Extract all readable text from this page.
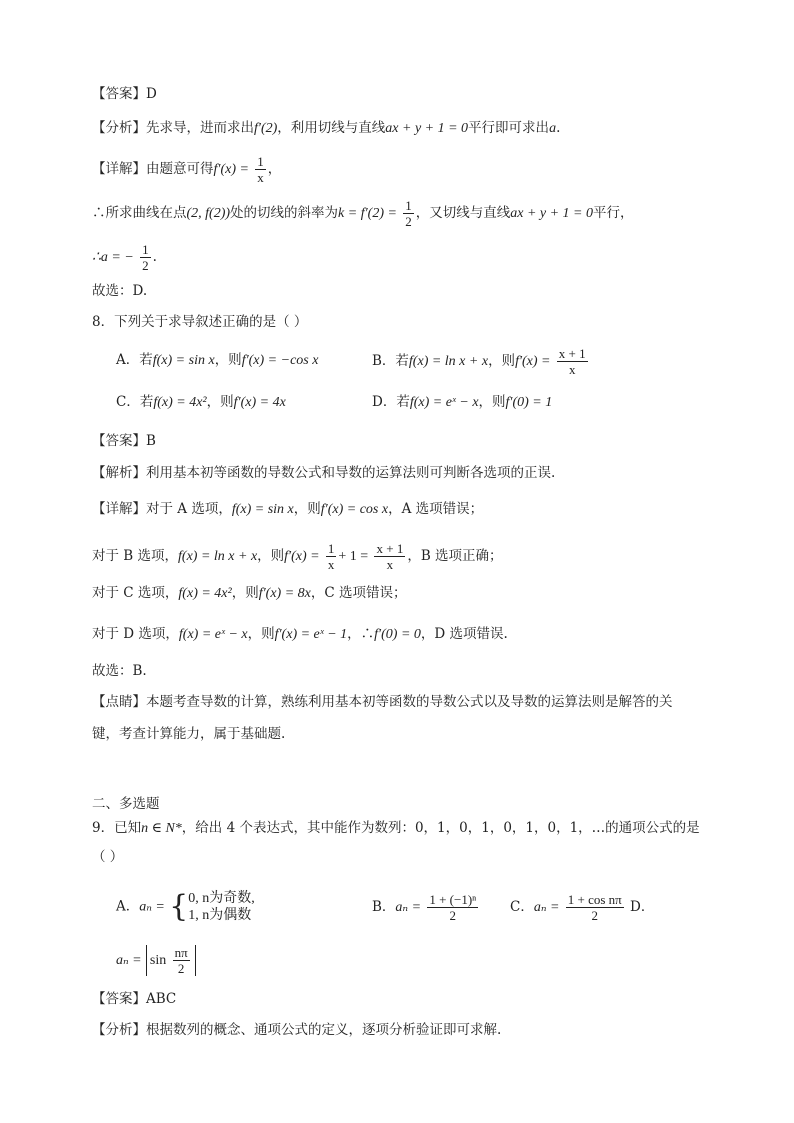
【答案】D
【分析】先求导，进而求出f′(2)，利用切线与直线ax + y + 1 = 0平行即可求出a.
【详解】由题意可得$f'(x) = \frac{1}{x}$ ，
∴所求曲线在点(2, f(2))处的切线的斜率为$k = f'(2) = \frac{1}{2}$ ，又切线与直线ax + y + 1 = 0平行，
∴a = − $\frac{1}{2}$ .
故选：D.
8．下列关于求导叙述正确的是（ ）
A．若f(x) = sin x，则f′(x) = −cos x	B．若f(x) = ln x + x，则$f'(x) = \frac{x + 1}{x}$
C．若f(x) = 4x²，则f′(x) = 4x	D．若f(x) = eˣ − x，则f′(0) = 1
【答案】B
【解析】利用基本初等函数的导数公式和导数的运算法则可判断各选项的正误.
【详解】对于 A 选项，f(x) = sin x，则f′(x) = cos x，A 选项错误；
对于 B 选项，f(x) = ln x + x，则$f'(x) = \frac{1}{x} + 1 = \frac{x + 1}{x}$ ，B 选项正确；
对于 C 选项，f(x) = 4x²，则f′(x) = 8x，C 选项错误；
对于 D 选项，f(x) = eˣ − x，则f′(x) = eˣ − 1，∴f′(0) = 0，D 选项错误.
故选：B.
【点睛】本题考查导数的计算，熟练利用基本初等函数的导数公式以及导数的运算法则是解答的关
键，考查计算能力，属于基础题.
二、多选题
9．已知n ∈ N*，给出 4 个表达式，其中能作为数列：0，1，0，1，0，1，0，1，…的通项公式的是
（ ）
A．aₙ = { 0, n为奇数,
1, n为偶数
B．$a_n = \frac{\text{1 + (−1)ⁿ}}{2}$ C．$a_n = \frac{\text{1 + cos nπ}}{2}$ D．
$a_n = \sin \frac{n\pi}{2}$
【答案】ABC
【分析】根据数列的概念、通项公式的定义，逐项分析验证即可求解.
